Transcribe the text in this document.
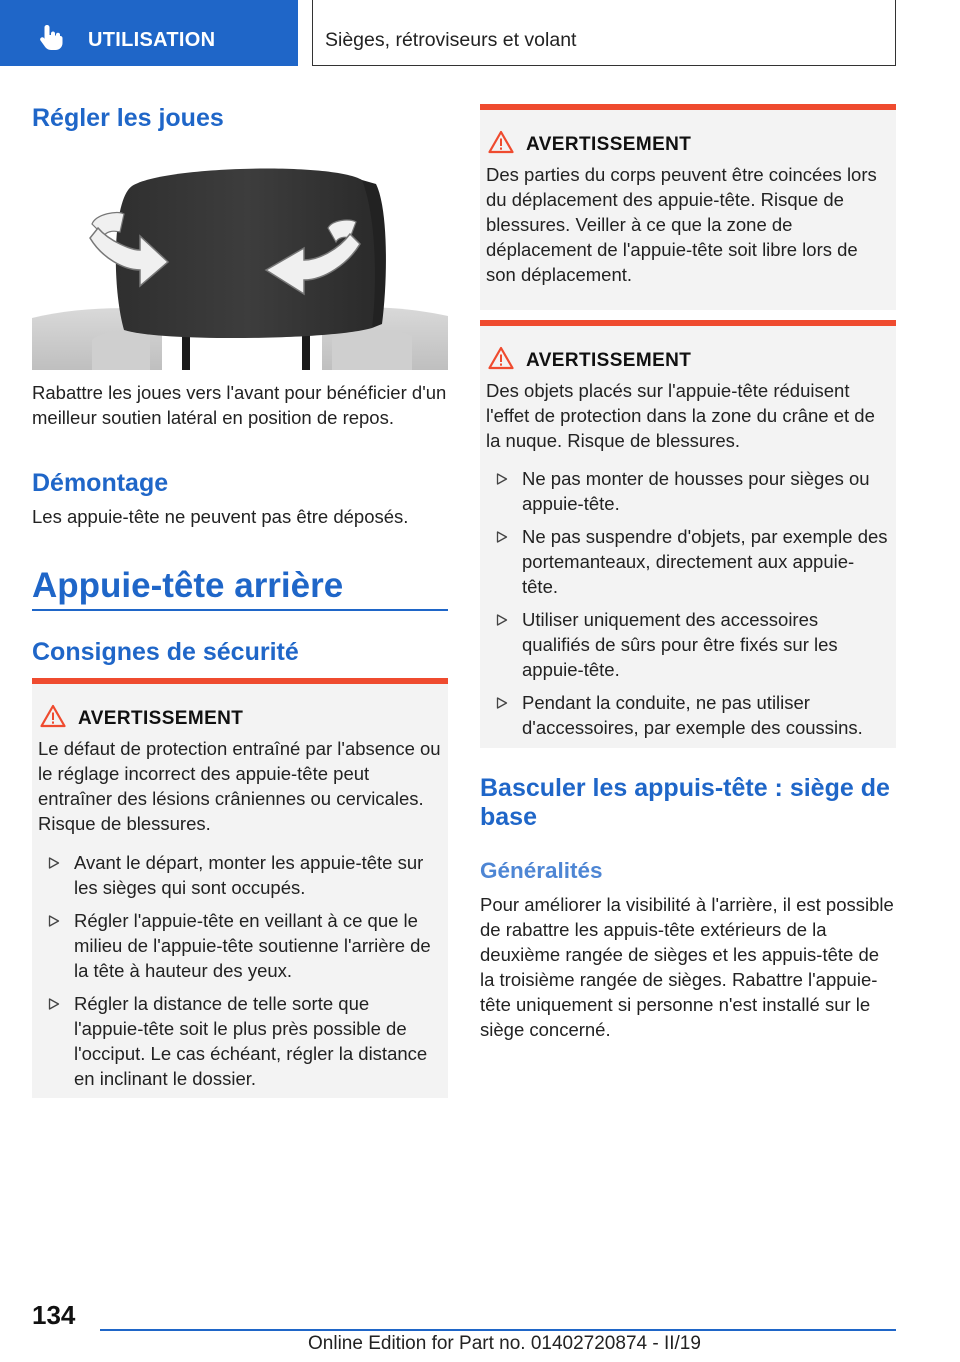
UTILISATION	Sièges, rétroviseurs et volant
Régler les joues
Rabattre les joues vers l'avant pour bénéficier d'un meilleur soutien latéral en position de repos.
Démontage
Les appuie-tête ne peuvent pas être déposés.
Appuie-tête arrière
Consignes de sécurité
AVERTISSEMENT
Le défaut de protection entraîné par l'absence ou le réglage incorrect des appuie-tête peut entraîner des lésions crâniennes ou cervicales. Risque de blessures.
Avant le départ, monter les appuie-tête sur les sièges qui sont occupés.
Régler l'appuie-tête en veillant à ce que le milieu de l'appuie-tête soutienne l'arrière de la tête à hauteur des yeux.
Régler la distance de telle sorte que l'appuie-tête soit le plus près possible de l'occiput. Le cas échéant, régler la distance en inclinant le dossier.
AVERTISSEMENT
Des parties du corps peuvent être coincées lors du déplacement des appuie-tête. Risque de blessures. Veiller à ce que la zone de déplacement de l'appuie-tête soit libre lors de son déplacement.
AVERTISSEMENT
Des objets placés sur l'appuie-tête réduisent l'effet de protection dans la zone du crâne et de la nuque. Risque de blessures.
Ne pas monter de housses pour sièges ou appuie-tête.
Ne pas suspendre d'objets, par exemple des portemanteaux, directement aux appuie-tête.
Utiliser uniquement des accessoires qualifiés de sûrs pour être fixés sur les appuie-tête.
Pendant la conduite, ne pas utiliser d'accessoires, par exemple des coussins.
Basculer les appuis-tête : siège de base
Généralités
Pour améliorer la visibilité à l'arrière, il est possible de rabattre les appuis-tête extérieurs de la deuxième rangée de sièges et les appuis-tête de la troisième rangée de sièges. Rabattre l'appuie-tête uniquement si personne n'est installé sur le siège concerné.
134
Online Edition for Part no. 01402720874 - II/19
